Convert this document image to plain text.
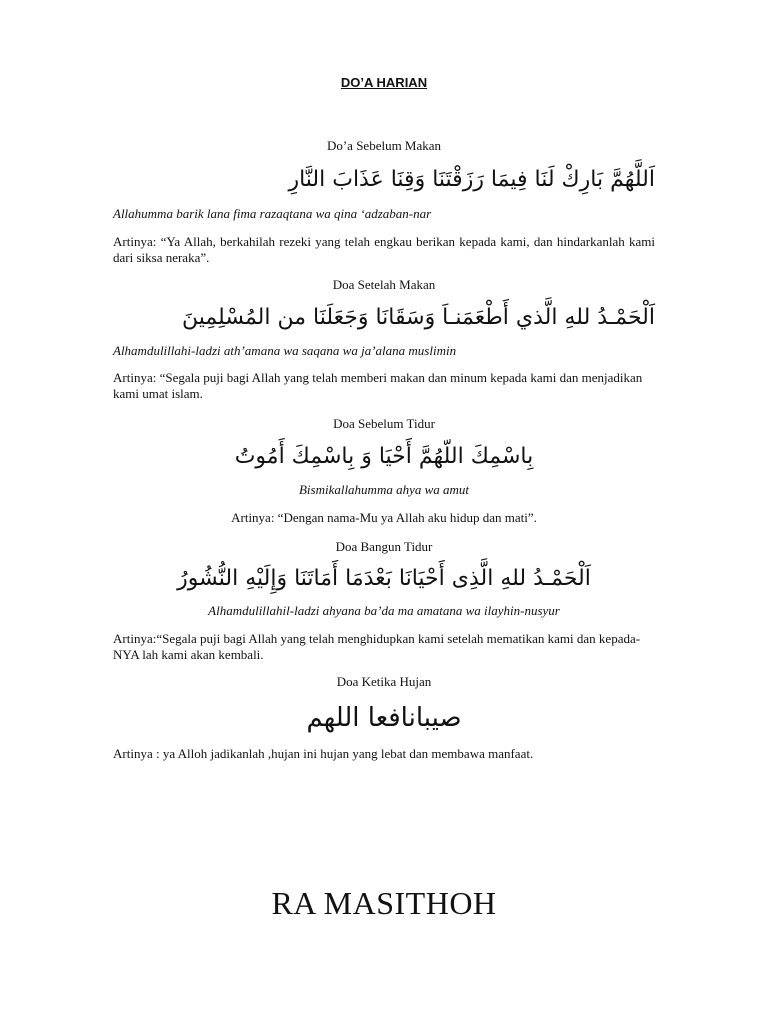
DO’A HARIAN
Do’a Sebelum Makan
اَللَّهُمَّ بَارِكْ لَنَا فِيمَا رَزَقْتَنَا وَقِنَا عَذَابَ النَّارِ
Allahumma barik lana fima razaqtana wa qina ‘adzaban-nar
Artinya: “Ya Allah, berkahilah rezeki yang telah engkau berikan kepada kami, dan hindarkanlah kami dari siksa neraka”.
Doa Setelah Makan
اَلْحَمْـدُ للهِ الَّذي أَطْعَمَنـاَ وَسَقَانَا وَجَعَلَنَا من المُسْلِمِينَ
Alhamdulillahi-ladzi ath’amana wa saqana wa ja’alana muslimin
Artinya: “Segala puji bagi Allah yang telah memberi makan dan minum kepada kami dan menjadikan kami umat islam.
Doa Sebelum Tidur
بِاسْمِكَ اللّهُمَّ أَحْيَا وَ بِاسْمِكَ أَمُوتُ
Bismikallahumma ahya wa amut
Artinya: “Dengan nama-Mu ya Allah aku hidup dan mati”.
Doa Bangun Tidur
اَلْحَمْـدُ للهِ الَّذِى أَحْيَانَا بَعْدَمَا أَمَاتَنَا وَإِلَيْهِ النُّشُورُ
Alhamdulillahil-ladzi ahyana ba’da ma amatana wa ilayhin-nusyur
Artinya:“Segala puji bagi Allah yang telah menghidupkan kami setelah mematikan kami dan kepada-NYA lah kami akan kembali.
Doa Ketika Hujan
صيبانافعا اللهم
Artinya : ya Alloh jadikanlah ,hujan ini hujan yang lebat dan membawa manfaat.
RA MASITHOH
